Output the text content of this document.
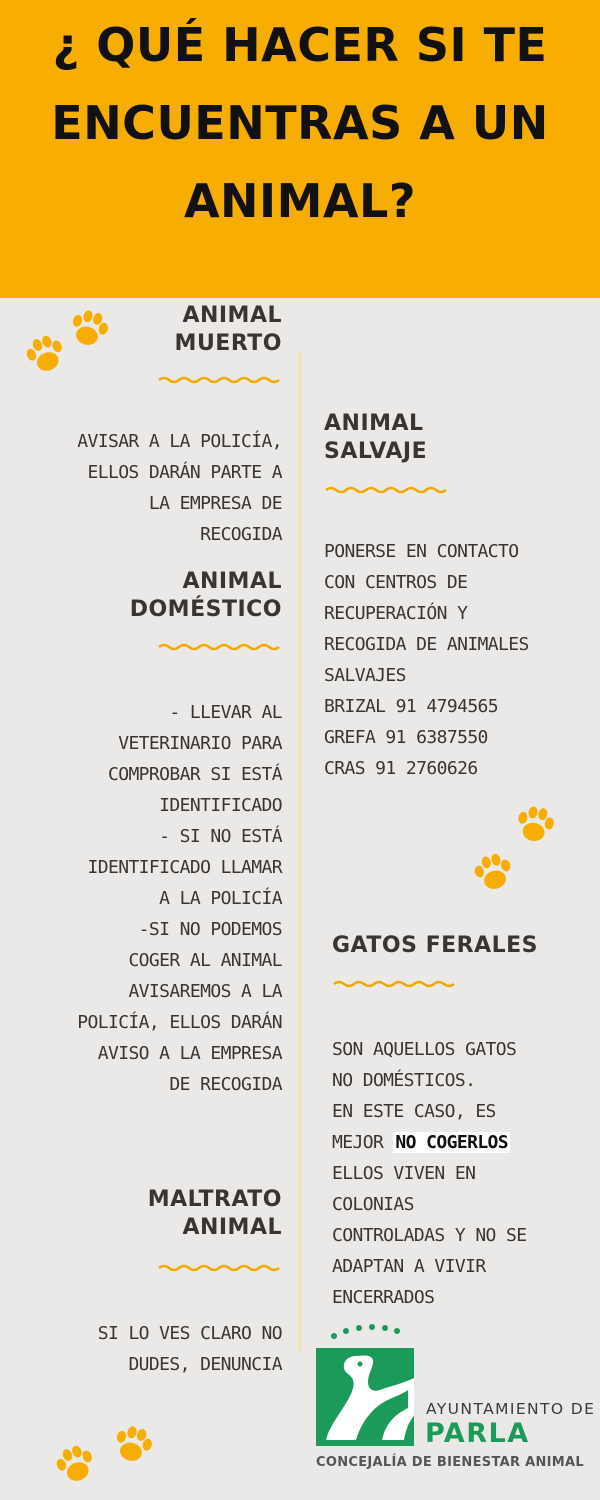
¿ QUÉ HACER SI TE
ENCUENTRAS A UN
ANIMAL?
ANIMAL
MUERTO
AVISAR A LA POLICÍA,
ELLOS DARÁN PARTE A
LA EMPRESA DE
RECOGIDA
ANIMAL
DOMÉSTICO
- LLEVAR AL
VETERINARIO PARA
COMPROBAR SI ESTÁ
IDENTIFICADO
- SI NO ESTÁ
IDENTIFICADO LLAMAR
A LA POLICÍA
-SI NO PODEMOS
COGER AL ANIMAL
AVISAREMOS A LA
POLICÍA, ELLOS DARÁN
AVISO A LA EMPRESA
DE RECOGIDA
MALTRATO
ANIMAL
SI LO VES CLARO NO
DUDES, DENUNCIA
ANIMAL
SALVAJE
PONERSE EN CONTACTO
CON CENTROS DE
RECUPERACIÓN Y
RECOGIDA DE ANIMALES
SALVAJES
BRIZAL 91 4794565
GREFA 91 6387550
CRAS 91 2760626
GATOS FERALES
SON AQUELLOS GATOS
NO DOMÉSTICOS.
EN ESTE CASO, ES
MEJOR NO COGERLOS
ELLOS VIVEN EN
COLONIAS
CONTROLADAS Y NO SE
ADAPTAN A VIVIR
ENCERRADOS
AYUNTAMIENTO DE
PARLA
CONCEJALÍA DE BIENESTAR ANIMAL
